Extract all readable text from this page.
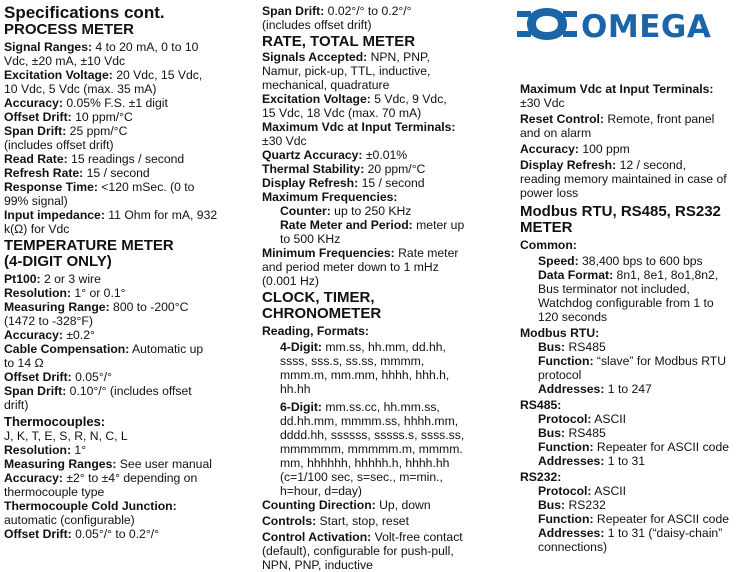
OMEGA
Specifications cont.
PROCESS METER
Signal Ranges: 4 to 20 mA, 0 to 10
Vdc, ±20 mA, ±10 Vdc
Excitation Voltage: 20 Vdc, 15 Vdc,
10 Vdc, 5 Vdc (max. 35 mA)
Accuracy: 0.05% F.S. ±1 digit
Offset Drift: 10 ppm/°C
Span Drift: 25 ppm/°C
(includes offset drift)
Read Rate: 15 readings / second
Refresh Rate: 15 / second
Response Time: <120 mSec. (0 to
99% signal)
Input impedance: 11 Ohm for mA, 932
k(Ω) for Vdc
TEMPERATURE METER
(4-DIGIT ONLY)
Pt100: 2 or 3 wire
Resolution: 1° or 0.1°
Measuring Range: 800 to -200°C
(1472 to -328°F)
Accuracy: ±0.2°
Cable Compensation: Automatic up
to 14 Ω
Offset Drift: 0.05°/°
Span Drift: 0.10°/° (includes offset
drift)
Thermocouples:
J, K, T, E, S, R, N, C, L
Resolution: 1°
Measuring Ranges: See user manual
Accuracy: ±2° to ±4° depending on
thermocouple type
Thermocouple Cold Junction:
automatic (configurable)
Offset Drift: 0.05°/° to 0.2°/°
Span Drift: 0.02°/° to 0.2°/°
(includes offset drift)
RATE, TOTAL METER
Signals Accepted: NPN, PNP,
Namur, pick-up, TTL, inductive,
mechanical, quadrature
Excitation Voltage: 5 Vdc, 9 Vdc,
15 Vdc, 18 Vdc (max. 70 mA)
Maximum Vdc at Input Terminals:
±30 Vdc
Quartz Accuracy: ±0.01%
Thermal Stability: 20 ppm/°C
Display Refresh: 15 / second
Maximum Frequencies:
Counter: up to 250 KHz
Rate Meter and Period: meter up
to 500 KHz
Minimum Frequencies: Rate meter
and period meter down to 1 mHz
(0.001 Hz)
CLOCK, TIMER,
CHRONOMETER
Reading, Formats:
4-Digit: mm.ss, hh.mm, dd.hh,
ssss, sss.s, ss.ss, mmmm,
mmm.m, mm.mm, hhhh, hhh.h,
hh.hh
6-Digit: mm.ss.cc, hh.mm.ss,
dd.hh.mm, mmmm.ss, hhhh.mm,
dddd.hh, ssssss, sssss.s, ssss.ss,
mmmmmm, mmmmm.m, mmmm.
mm, hhhhhh, hhhhh.h, hhhh.hh
(c=1/100 sec, s=sec., m=min.,
h=hour, d=day)
Counting Direction: Up, down
Controls: Start, stop, reset
Control Activation: Volt-free contact
(default), configurable for push-pull,
NPN, PNP, inductive
Maximum Vdc at Input Terminals:
±30 Vdc
Reset Control: Remote, front panel
and on alarm
Accuracy: 100 ppm
Display Refresh: 12 / second,
reading memory maintained in case of
power loss
Modbus RTU, RS485, RS232
METER
Common:
Speed: 38,400 bps to 600 bps
Data Format: 8n1, 8e1, 8o1,8n2,
Bus terminator not included,
Watchdog configurable from 1 to
120 seconds
Modbus RTU:
Bus: RS485
Function: “slave” for Modbus RTU
protocol
Addresses: 1 to 247
RS485:
Protocol: ASCII
Bus: RS485
Function: Repeater for ASCII code
Addresses: 1 to 31
RS232:
Protocol: ASCII
Bus: RS232
Function: Repeater for ASCII code
Addresses: 1 to 31 (“daisy-chain”
connections)
